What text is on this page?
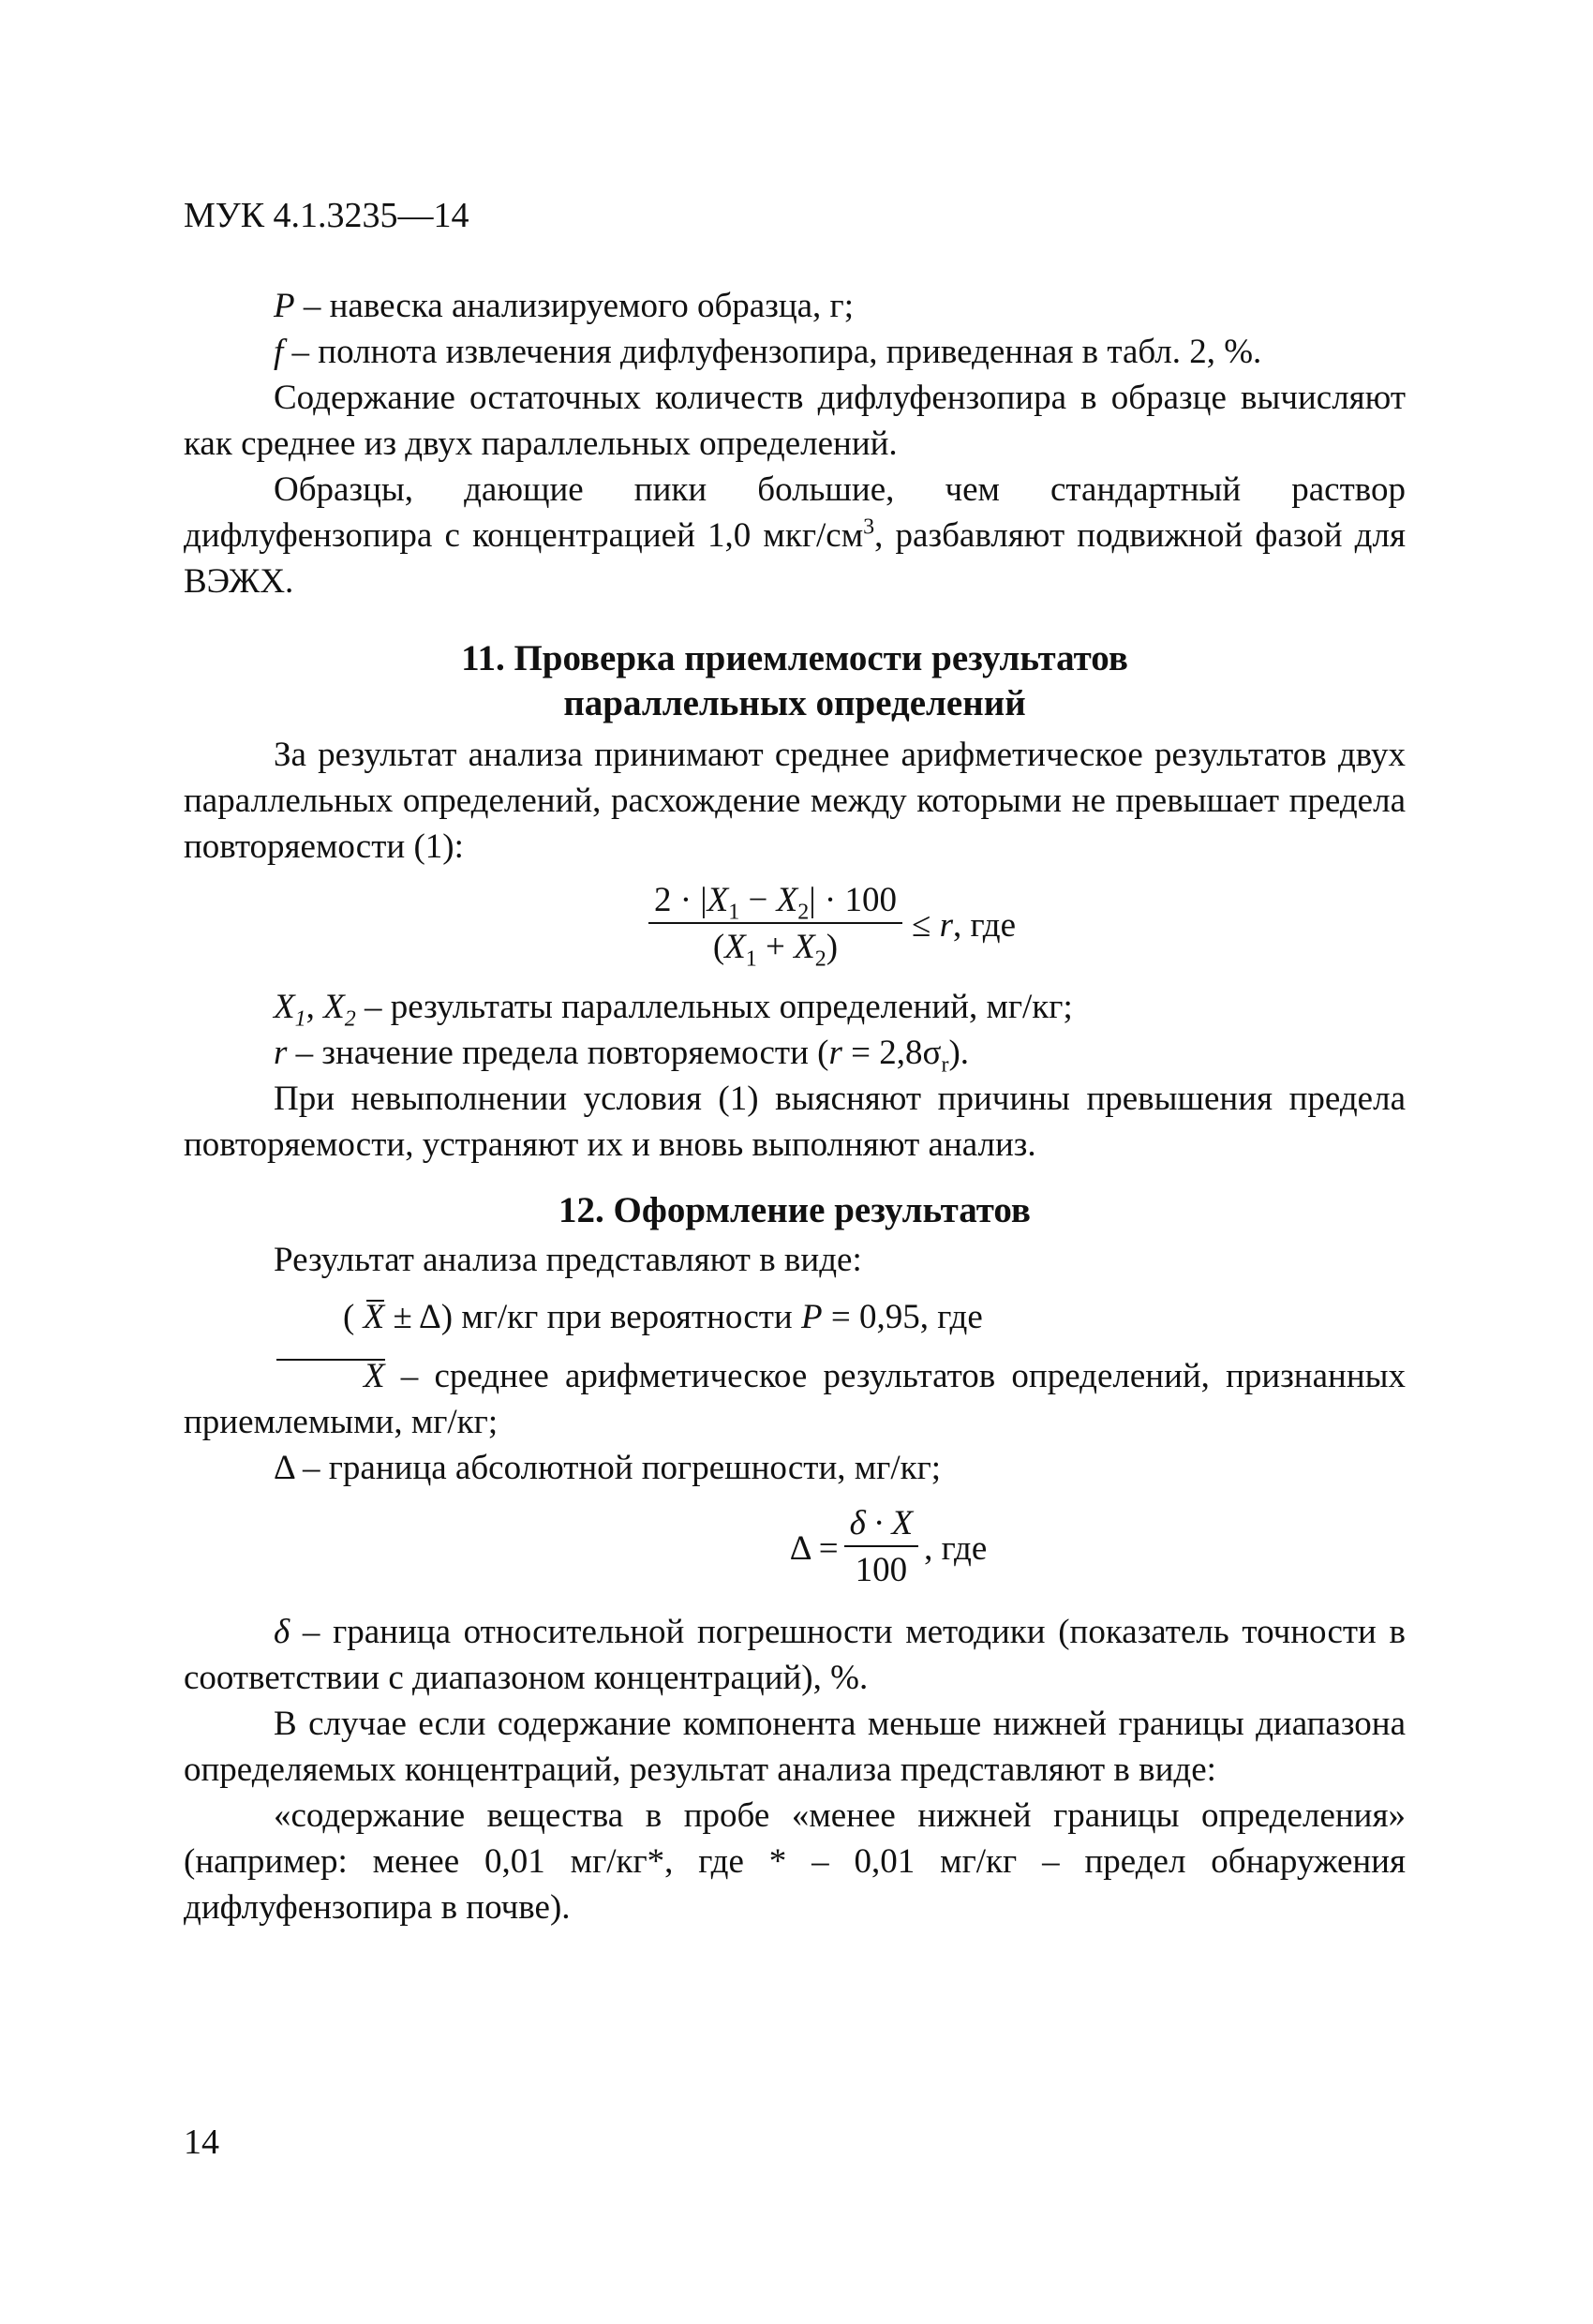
МУК 4.1.3235—14

P – навеска анализируемого образца, г;

f – полнота извлечения дифлуфензопира, приведенная в табл. 2, %.

Содержание остаточных количеств дифлуфензопира в образце вычисляют как среднее из двух параллельных определений.

Образцы, дающие пики большие, чем стандартный раствор дифлуфензопира с концентрацией 1,0 мкг/$см^3$, разбавляют подвижной фазой для ВЭЖХ.

11. Проверка приемлемости результатов
параллельных определений

За результат анализа принимают среднее арифметическое результатов двух параллельных определений, расхождение между которыми не превышает предела повторяемости (1):

$\frac{2 \cdot |X_1 - X_2| \cdot 100}{(X_1 + X_2)} \le r$, где

$X_1$, $X_2$ – результаты параллельных определений, мг/кг;

r – значение предела повторяемости $(r = 2,8\sigma_r)$.

При невыполнении условия (1) выясняют причины превышения предела повторяемости, устраняют их и вновь выполняют анализ.

12. Оформление результатов

Результат анализа представляют в виде:

( X ± Δ) мг/кг при вероятности P = 0,95, где

X – среднее арифметическое результатов определений, признанных приемлемыми, мг/кг;

Δ – граница абсолютной погрешности, мг/кг;

$\Delta = \frac{\delta \cdot X}{100}$ , где

δ – граница относительной погрешности методики (показатель точности в соответствии с диапазоном концентраций), %.

В случае если содержание компонента меньше нижней границы диапазона определяемых концентраций, результат анализа представляют в виде:

«содержание вещества в пробе «менее нижней границы определения» (например: менее 0,01 мг/кг*, где * – 0,01 мг/кг – предел обнаружения дифлуфензопира в почве).

14
